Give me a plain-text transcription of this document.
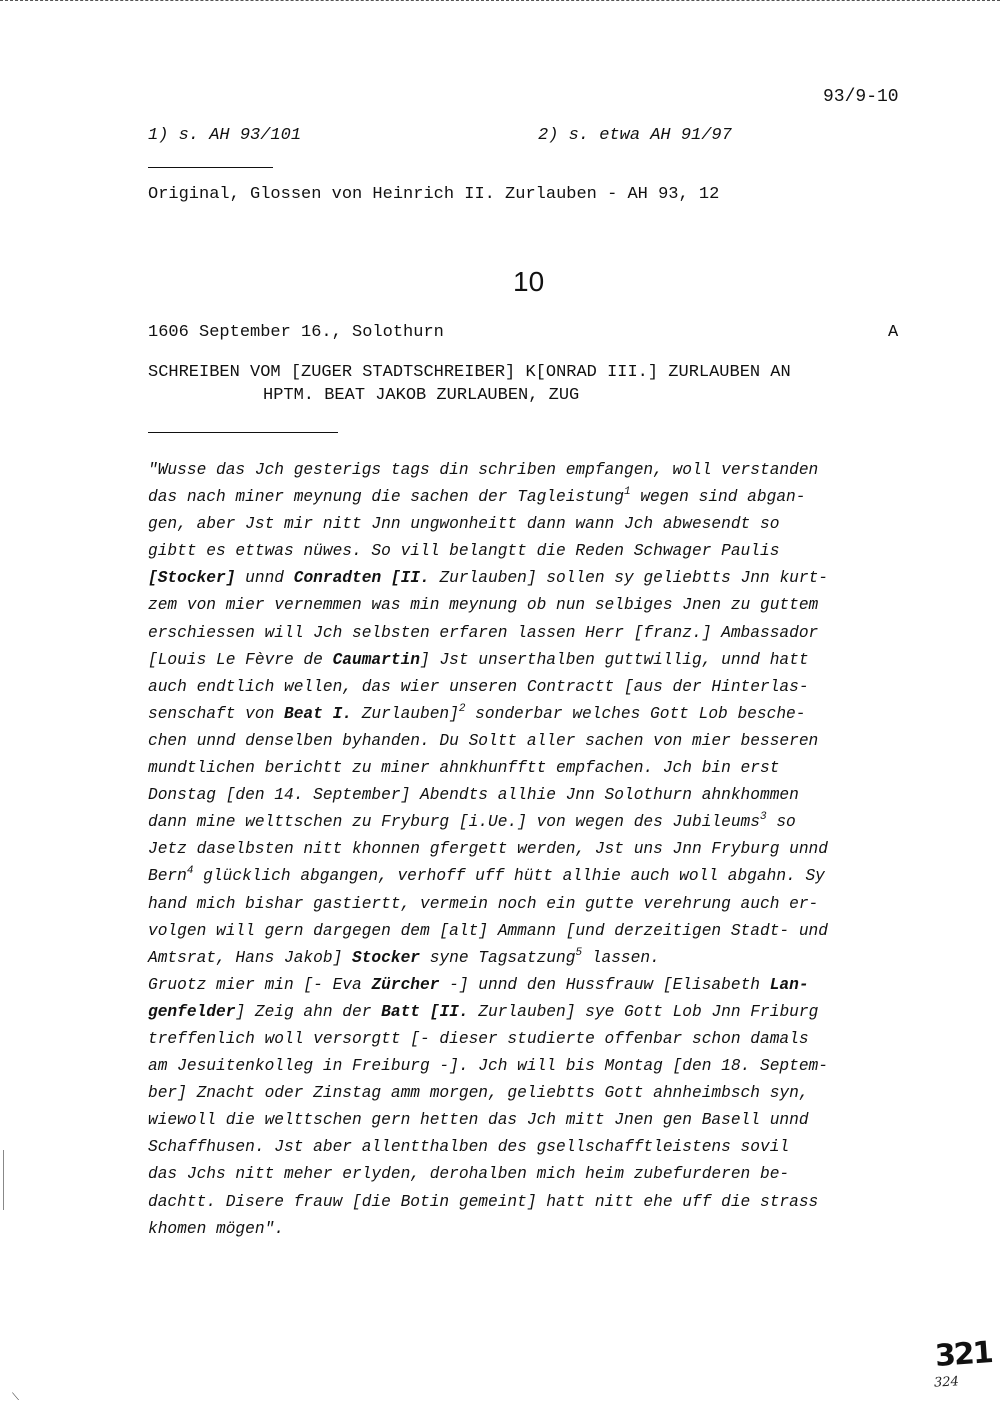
⟍
93/9-10
1) s. AH 93/101	2) s. etwa AH 91/97
Original, Glossen von Heinrich II. Zurlauben - AH 93, 12
10
1606 September 16., Solothurn	A
SCHREIBEN VOM [ZUGER STADTSCHREIBER] K[ONRAD III.] ZURLAUBEN AN
HPTM. BEAT JAKOB ZURLAUBEN, ZUG
"Wusse das Jch gesterigs tags din schriben empfangen, woll verstanden
das nach miner meynung die sachen der Tagleistung$^1$ wegen sind abgan-
gen, aber Jst mir nitt Jnn ungwonheitt dann wann Jch abwesendt so
gibtt es ettwas nüwes. So vill belangtt die Reden Schwager Paulis
[Stocker] unnd Conradten [II. Zurlauben] sollen sy geliebtts Jnn kurt-
zem von mier vernemmen was min meynung ob nun selbiges Jnen zu guttem
erschiessen will Jch selbsten erfaren lassen Herr [franz.] Ambassador
[Louis Le Fèvre de Caumartin] Jst unserthalben guttwillig, unnd hatt
auch endtlich wellen, das wier unseren Contractt [aus der Hinterlas-
senschaft von Beat I. Zurlauben]$^2$ sonderbar welches Gott Lob besche-
chen unnd denselben byhanden. Du Soltt aller sachen von mier besseren
mundtlichen berichtt zu miner ahnkhunfftt empfachen. Jch bin erst
Donstag [den 14. September] Abendts allhie Jnn Solothurn ahnkhommen
dann mine welttschen zu Fryburg [i.Ue.] von wegen des Jubileums$^3$ so
Jetz daselbsten nitt khonnen gfergett werden, Jst uns Jnn Fryburg unnd
Bern$^4$ glücklich abgangen, verhoff uff hütt allhie auch woll abgahn. Sy
hand mich bishar gastiertt, vermein noch ein gutte verehrung auch er-
volgen will gern dargegen dem [alt] Ammann [und derzeitigen Stadt- und
Amtsrat, Hans Jakob] Stocker syne Tagsatzung$^5$ lassen.
Gruotz mier min [- Eva Zürcher -] unnd den Hussfrauw [Elisabeth Lan-
genfelder] Zeig ahn der Batt [II. Zurlauben] sye Gott Lob Jnn Friburg
treffenlich woll versorgtt [- dieser studierte offenbar schon damals
am Jesuitenkolleg in Freiburg -]. Jch will bis Montag [den 18. Septem-
ber] Znacht oder Zinstag amm morgen, geliebtts Gott ahnheimbsch syn,
wiewoll die welttschen gern hetten das Jch mitt Jnen gen Basell unnd
Schaffhusen. Jst aber allentthalben des gsellschafftleistens sovil
das Jchs nitt meher erlyden, derohalben mich heim zubefurderen be-
dachtt. Disere frauw [die Botin gemeint] hatt nitt ehe uff die strass
khomen mögen".
321
324
